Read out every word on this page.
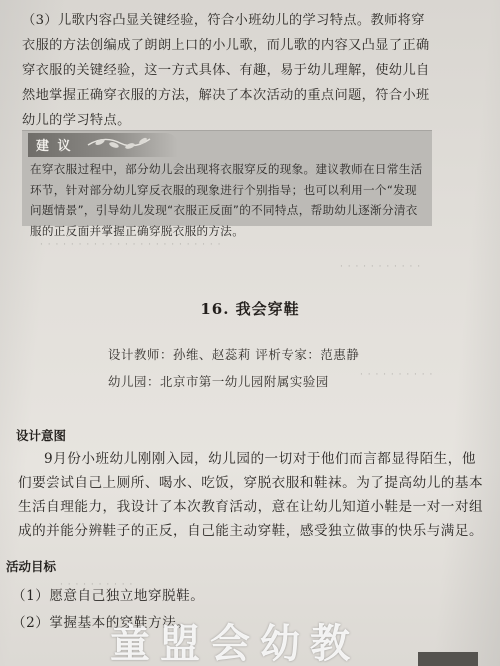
（3）儿歌内容凸显关键经验，符合小班幼儿的学习特点。教师将穿衣服的方法创编成了朗朗上口的小儿歌，而儿歌的内容又凸显了正确穿衣服的关键经验，这一方式具体、有趣，易于幼儿理解，使幼儿自然地掌握正确穿衣服的方法，解决了本次活动的重点问题，符合小班幼儿的学习特点。
建 议
在穿衣服过程中，部分幼儿会出现将衣服穿反的现象。建议教师在日常生活环节，针对部分幼儿穿反衣服的现象进行个别指导；也可以利用一个“发现问题情景”，引导幼儿发现“衣服正反面”的不同特点，帮助幼儿逐渐分清衣服的正反面并掌握正确穿脱衣服的方法。
· · · · · · · · · · · · · · · · · · · · · · · ·
· · · · · · · · · · ·
· · · · · · · · · ·
· · · · · · · · · ·
16. 我会穿鞋
设计教师：孙维、赵蕊莉 评析专家：范惠静
幼儿园：北京市第一幼儿园附属实验园
设计意图
9月份小班幼儿刚刚入园，幼儿园的一切对于他们而言都显得陌生，他们要尝试自己上厕所、喝水、吃饭，穿脱衣服和鞋袜。为了提高幼儿的基本生活自理能力，我设计了本次教育活动，意在让幼儿知道小鞋是一对一对组成的并能分辨鞋子的正反，自己能主动穿鞋，感受独立做事的快乐与满足。
活动目标
（1）愿意自己独立地穿脱鞋。
（2）掌握基本的穿鞋方法。
童盟会幼教
